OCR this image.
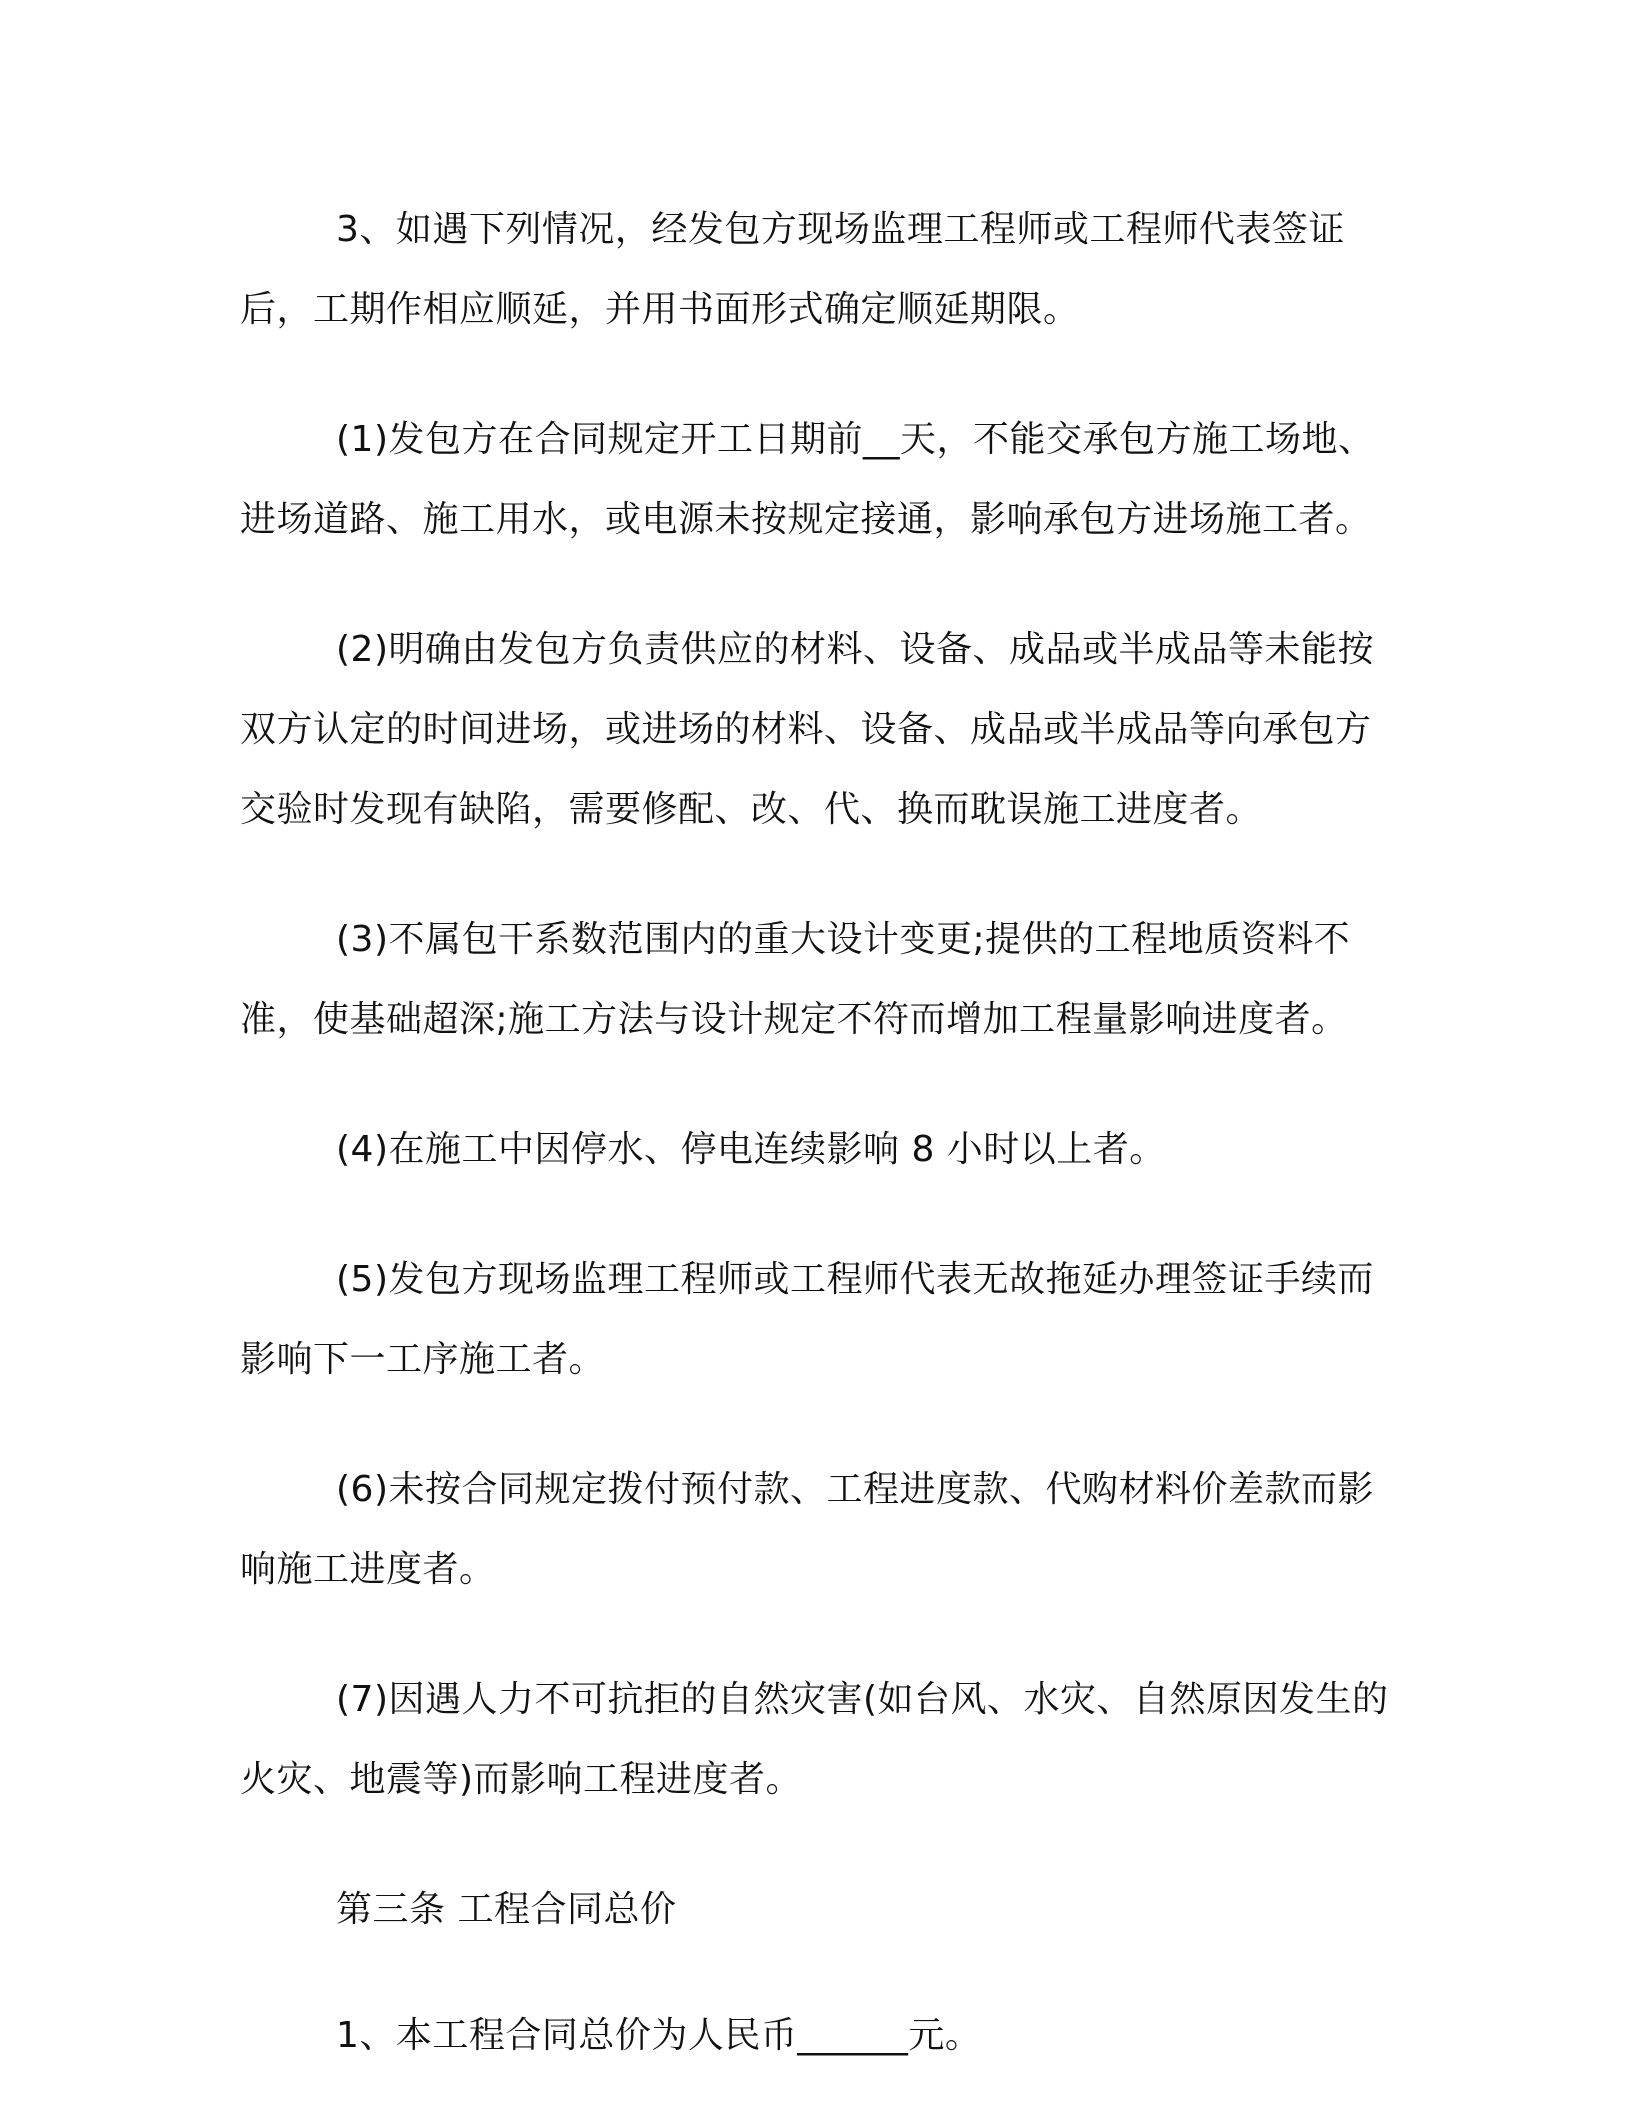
3、如遇下列情况，经发包方现场监理工程师或工程师代表签证后，工期作相应顺延，并用书面形式确定顺延期限。

(1)发包方在合同规定开工日期前__天，不能交承包方施工场地、进场道路、施工用水，或电源未按规定接通，影响承包方进场施工者。

(2)明确由发包方负责供应的材料、设备、成品或半成品等未能按双方认定的时间进场，或进场的材料、设备、成品或半成品等向承包方交验时发现有缺陷，需要修配、改、代、换而耽误施工进度者。

(3)不属包干系数范围内的重大设计变更;提供的工程地质资料不准，使基础超深;施工方法与设计规定不符而增加工程量影响进度者。

(4)在施工中因停水、停电连续影响 8 小时以上者。

(5)发包方现场监理工程师或工程师代表无故拖延办理签证手续而影响下一工序施工者。

(6)未按合同规定拨付预付款、工程进度款、代购材料价差款而影响施工进度者。

(7)因遇人力不可抗拒的自然灾害(如台风、水灾、自然原因发生的火灾、地震等)而影响工程进度者。

第三条 工程合同总价

1、本工程合同总价为人民币______元。
